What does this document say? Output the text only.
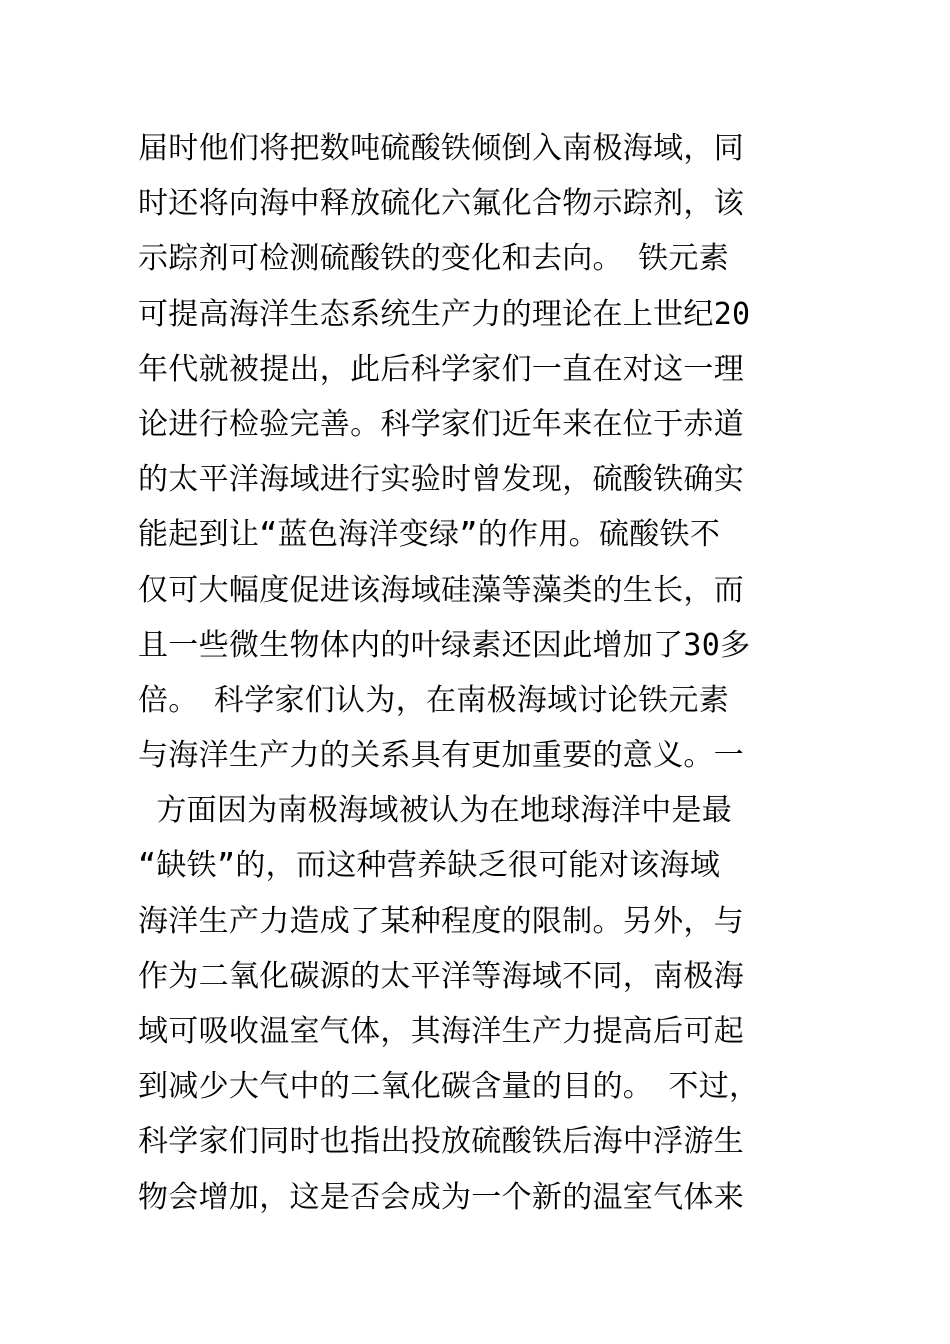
届时他们将把数吨硫酸铁倾倒入南极海域，同
时还将向海中释放硫化六氟化合物示踪剂，该
示踪剂可检测硫酸铁的变化和去向。　铁元素
可提高海洋生态系统生产力的理论在上世纪20
年代就被提出，此后科学家们一直在对这一理
论进行检验完善。科学家们近年来在位于赤道
的太平洋海域进行实验时曾发现，硫酸铁确实
能起到让“蓝色海洋变绿”的作用。硫酸铁不
仅可大幅度促进该海域硅藻等藻类的生长，而
且一些微生物体内的叶绿素还因此增加了30多
倍。　科学家们认为，在南极海域讨论铁元素
与海洋生产力的关系具有更加重要的意义。一
方面因为南极海域被认为在地球海洋中是最
“缺铁”的，而这种营养缺乏很可能对该海域
海洋生产力造成了某种程度的限制。另外，与
作为二氧化碳源的太平洋等海域不同，南极海
域可吸收温室气体，其海洋生产力提高后可起
到减少大气中的二氧化碳含量的目的。　不过，
科学家们同时也指出投放硫酸铁后海中浮游生
物会增加，这是否会成为一个新的温室气体来
